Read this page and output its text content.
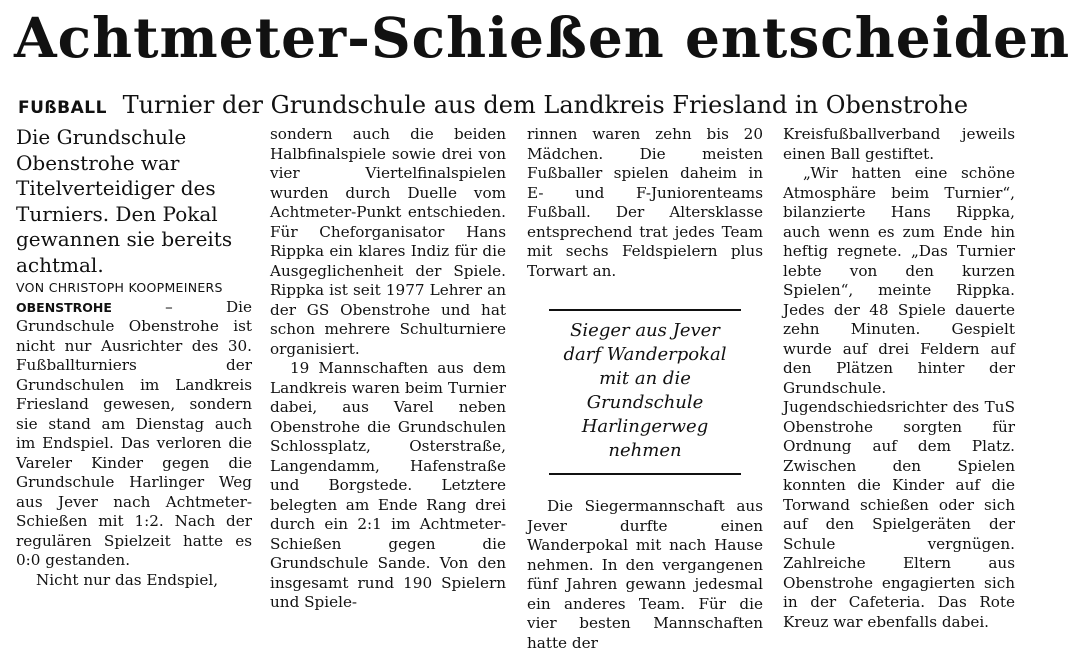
Achtmeter-Schießen entscheiden
FUßBALL Turnier der Grundschule aus dem Landkreis Friesland in Obenstrohe

Die Grundschule Obenstrohe war Titelverteidiger des Turniers. Den Pokal gewannen sie bereits achtmal.

VON CHRISTOPH KOOPMEINERS

OBENSTROHE – Die Grundschule Obenstrohe ist nicht nur Ausrichter des 30. Fußballturniers der Grundschulen im Landkreis Friesland gewesen, sondern sie stand am Dienstag auch im Endspiel. Das verloren die Vareler Kinder gegen die Grundschule Harlinger Weg aus Jever nach Achtmeter-Schießen mit 1:2. Nach der regulären Spielzeit hatte es 0:0 gestanden.

Nicht nur das Endspiel,

sondern auch die beiden Halbfinalspiele sowie drei von vier Viertelfinalspielen wurden durch Duelle vom Achtmeter-Punkt entschieden. Für Cheforganisator Hans Rippka ein klares Indiz für die Ausgeglichenheit der Spiele. Rippka ist seit 1977 Lehrer an der GS Obenstrohe und hat schon mehrere Schulturniere organisiert.

19 Mannschaften aus dem Landkreis waren beim Turnier dabei, aus Varel neben Obenstrohe die Grundschulen Schlossplatz, Osterstraße, Langendamm, Hafenstraße und Borgstede. Letztere belegten am Ende Rang drei durch ein 2:1 im Achtmeter-Schießen gegen die Grundschule Sande. Von den insgesamt rund 190 Spielern und Spiele-

rinnen waren zehn bis 20 Mädchen. Die meisten Fußballer spielen daheim in E- und F-Juniorenteams Fußball. Der Altersklasse entsprechend trat jedes Team mit sechs Feldspielern plus Torwart an.

Sieger aus Jever darf Wanderpokal mit an die Grundschule Harlingerweg nehmen

Die Siegermannschaft aus Jever durfte einen Wanderpokal mit nach Hause nehmen. In den vergangenen fünf Jahren gewann jedesmal ein anderes Team. Für die vier besten Mannschaften hatte der

Kreisfußballverband jeweils einen Ball gestiftet.

„Wir hatten eine schöne Atmosphäre beim Turnier“, bilanzierte Hans Rippka, auch wenn es zum Ende hin heftig regnete. „Das Turnier lebte von den kurzen Spielen“, meinte Rippka. Jedes der 48 Spiele dauerte zehn Minuten. Gespielt wurde auf drei Feldern auf den Plätzen hinter der Grundschule. Jugendschiedsrichter des TuS Obenstrohe sorgten für Ordnung auf dem Platz. Zwischen den Spielen konnten die Kinder auf die Torwand schießen oder sich auf den Spielgeräten der Schule vergnügen. Zahlreiche Eltern aus Obenstrohe engagierten sich in der Cafeteria. Das Rote Kreuz war ebenfalls dabei.
